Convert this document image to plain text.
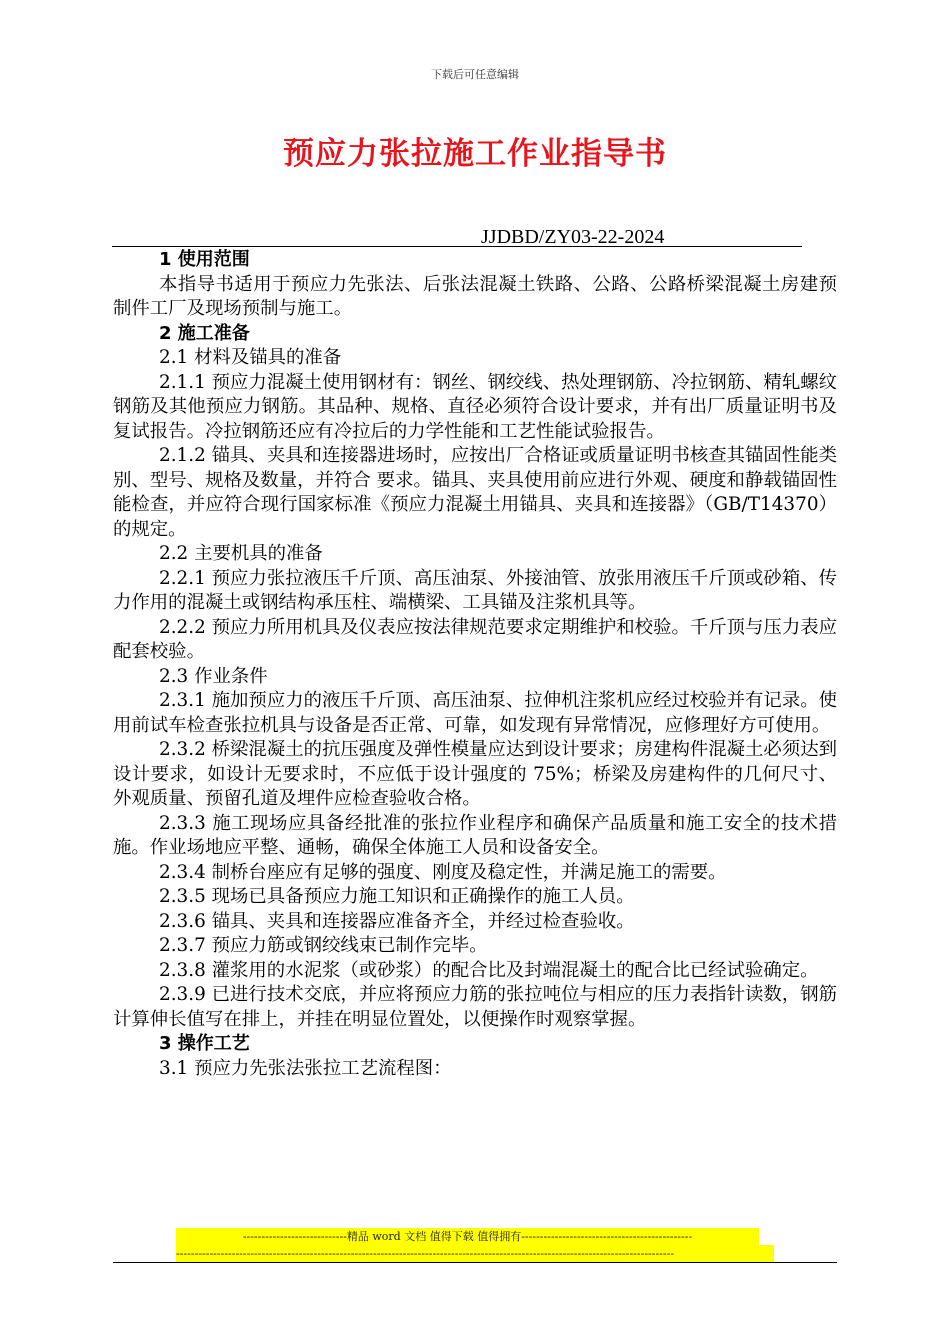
下载后可任意编辑
预应力张拉施工作业指导书
JJDBD/ZY03-22-2024

1 使用范围

本指导书适用于预应力先张法、后张法混凝土铁路、公路、公路桥梁混凝土房建预制件工厂及现场预制与施工。

2 施工准备

2.1 材料及锚具的准备

2.1.1 预应力混凝土使用钢材有：钢丝、钢绞线、热处理钢筋、冷拉钢筋、精轧螺纹钢筋及其他预应力钢筋。其品种、规格、直径必须符合设计要求，并有出厂质量证明书及复试报告。冷拉钢筋还应有冷拉后的力学性能和工艺性能试验报告。

2.1.2 锚具、夹具和连接器进场时，应按出厂合格证或质量证明书核查其锚固性能类别、型号、规格及数量，并符合 要求。锚具、夹具使用前应进行外观、硬度和静载锚固性能检查，并应符合现行国家标准《预应力混凝土用锚具、夹具和连接器》（GB/T14370）的规定。

2.2 主要机具的准备

2.2.1 预应力张拉液压千斤顶、高压油泵、外接油管、放张用液压千斤顶或砂箱、传力作用的混凝土或钢结构承压柱、端横梁、工具锚及注浆机具等。

2.2.2 预应力所用机具及仪表应按法律规范要求定期维护和校验。千斤顶与压力表应配套校验。

2.3 作业条件

2.3.1 施加预应力的液压千斤顶、高压油泵、拉伸机注浆机应经过校验并有记录。使用前试车检查张拉机具与设备是否正常、可靠，如发现有异常情况，应修理好方可使用。

2.3.2 桥梁混凝土的抗压强度及弹性模量应达到设计要求；房建构件混凝土必须达到设计要求，如设计无要求时，不应低于设计强度的 75%；桥梁及房建构件的几何尺寸、外观质量、预留孔道及埋件应检查验收合格。

2.3.3 施工现场应具备经批准的张拉作业程序和确保产品质量和施工安全的技术措施。作业场地应平整、通畅，确保全体施工人员和设备安全。

2.3.4 制桥台座应有足够的强度、刚度及稳定性，并满足施工的需要。

2.3.5 现场已具备预应力施工知识和正确操作的施工人员。

2.3.6 锚具、夹具和连接器应准备齐全，并经过检查验收。

2.3.7 预应力筋或钢绞线束已制作完毕。

2.3.8 灌浆用的水泥浆（或砂浆）的配合比及封端混凝土的配合比已经试验确定。

2.3.9 已进行技术交底，并应将预应力筋的张拉吨位与相应的压力表指针读数，钢筋计算伸长值写在排上，并挂在明显位置处，以便操作时观察掌握。

3 操作工艺

3.1 预应力先张法张拉工艺流程图：

----------------------------精品 word 文档 值得下载 值得拥有----------------------------------------------
--------------------------------------------------------------------------------------------------------------------------------------
